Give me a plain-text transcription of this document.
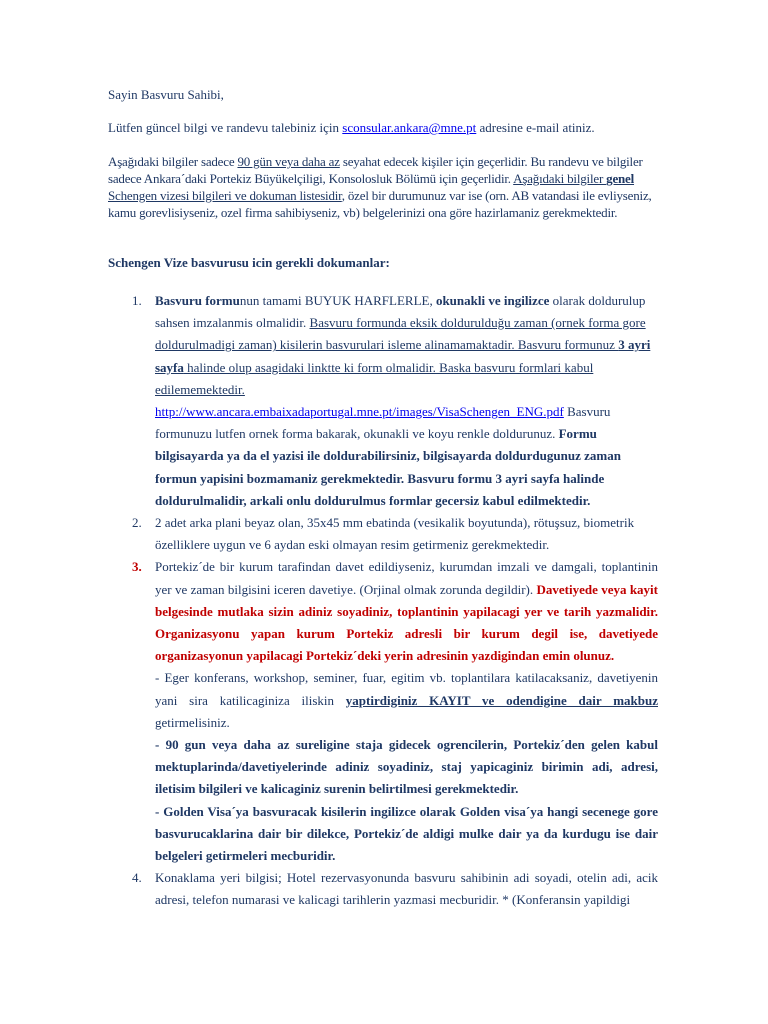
Sayin Basvuru Sahibi,

Lütfen güncel bilgi ve randevu talebiniz için sconsular.ankara@mne.pt adresine e-mail atiniz.

Aşağıdaki bilgiler sadece 90 gün veya daha az seyahat edecek kişiler için geçerlidir. Bu randevu ve bilgiler sadece Ankara´daki Portekiz Büyükelçiligi, Konsolosluk Bölümü için geçerlidir. Aşağıdaki bilgiler genel Schengen vizesi bilgileri ve dokuman listesidir, özel bir durumunuz var ise (orn. AB vatandasi ile evliyseniz, kamu gorevlisiyseniz, ozel firma sahibiyseniz, vb) belgelerinizi ona göre hazirlamaniz gerekmektedir.

Schengen Vize basvurusu icin gerekli dokumanlar:

1. Basvuru formunun tamami BUYUK HARFLERLE, okunakli ve ingilizce olarak doldurulup sahsen imzalanmis olmalidir. Basvuru formunda eksik doldurulduğu zaman (ornek forma gore doldurulmadigi zaman) kisilerin basvurulari isleme alinamamaktadir. Basvuru formunuz 3 ayri sayfa halinde olup asagidaki linktte ki form olmalidir. Baska basvuru formlari kabul edilememektedir.
http://www.ancara.embaixadaportugal.mne.pt/images/VisaSchengen_ENG.pdf Basvuru formunuzu lutfen ornek forma bakarak, okunakli ve koyu renkle doldurunuz. Formu bilgisayarda ya da el yazisi ile doldurabilirsiniz, bilgisayarda doldurdugunuz zaman formun yapisini bozmamaniz gerekmektedir. Basvuru formu 3 ayri sayfa halinde doldurulmalidir, arkali onlu doldurulmus formlar gecersiz kabul edilmektedir.
2. 2 adet arka plani beyaz olan, 35x45 mm ebatinda (vesikalik boyutunda), rötuşsuz, biometrik özelliklere uygun ve 6 aydan eski olmayan resim getirmeniz gerekmektedir.
3. Portekiz´de bir kurum tarafindan davet edildiyseniz, kurumdan imzali ve damgali, toplantinin yer ve zaman bilgisini iceren davetiye. (Orjinal olmak zorunda degildir). Davetiyede veya kayit belgesinde mutlaka sizin adiniz soyadiniz, toplantinin yapilacagi yer ve tarih yazmalidir. Organizasyonu yapan kurum Portekiz adresli bir kurum degil ise, davetiyede organizasyonun yapilacagi Portekiz´deki yerin adresinin yazdigindan emin olunuz.
- Eger konferans, workshop, seminer, fuar, egitim vb. toplantilara katilacaksaniz, davetiyenin yani sira katilicaginiza iliskin yaptirdiginiz KAYIT ve odendigine dair makbuz getirmelisiniz.
- 90 gun veya daha az sureligine staja gidecek ogrencilerin, Portekiz´den gelen kabul mektuplarinda/davetiyelerinde adiniz soyadiniz, staj yapicaginiz birimin adi, adresi, iletisim bilgileri ve kalicaginiz surenin belirtilmesi gerekmektedir.
- Golden Visa´ya basvuracak kisilerin ingilizce olarak Golden visa´ya hangi secenege gore basvurucaklarina dair bir dilekce, Portekiz´de aldigi mulke dair ya da kurdugu ise dair belgeleri getirmeleri mecburidir.
4. Konaklama yeri bilgisi; Hotel rezervasyonunda basvuru sahibinin adi soyadi, otelin adi, acik adresi, telefon numarasi ve kalicagi tarihlerin yazmasi mecburidir. * (Konferansin yapildigi
